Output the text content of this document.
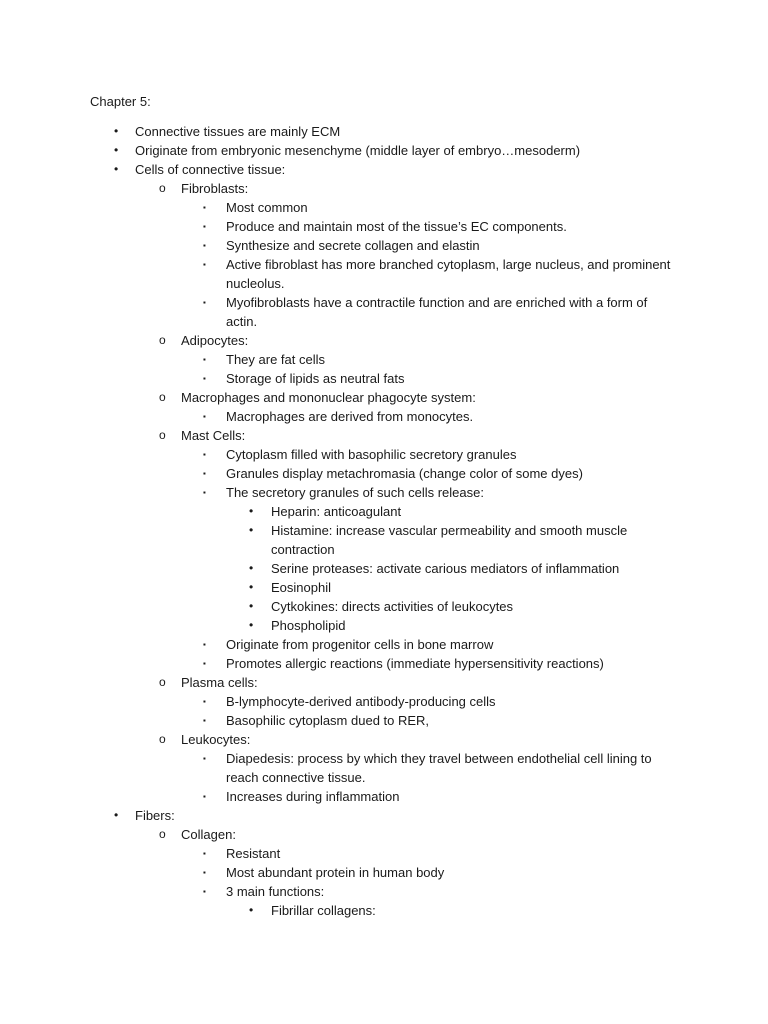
Chapter 5:
•	Connective tissues are mainly ECM
•	Originate from embryonic mesenchyme (middle layer of embryo…mesoderm)
•	Cells of connective tissue:
o	Fibroblasts:
▪	Most common
▪	Produce and maintain most of the tissue’s EC components.
▪	Synthesize and secrete collagen and elastin
▪	Active fibroblast has more branched cytoplasm, large nucleus, and prominent nucleolus.
▪	Myofibroblasts have a contractile function and are enriched with a form of actin.
o	Adipocytes:
▪	They are fat cells
▪	Storage of lipids as neutral fats
o	Macrophages and mononuclear phagocyte system:
▪	Macrophages are derived from monocytes.
o	Mast Cells:
▪	Cytoplasm filled with basophilic secretory granules
▪	Granules display metachromasia (change color of some dyes)
▪	The secretory granules of such cells release:
•	Heparin: anticoagulant
•	Histamine: increase vascular permeability and smooth muscle contraction
•	Serine proteases: activate carious mediators of inflammation
•	Eosinophil
•	Cytkokines: directs activities of leukocytes
•	Phospholipid
▪	Originate from progenitor cells in bone marrow
▪	Promotes allergic reactions (immediate hypersensitivity reactions)
o	Plasma cells:
▪	B-lymphocyte-derived antibody-producing cells
▪	Basophilic cytoplasm dued to RER,
o	Leukocytes:
▪	Diapedesis: process by which they travel between endothelial cell lining to reach connective tissue.
▪	Increases during inflammation
•	Fibers:
o	Collagen:
▪	Resistant
▪	Most abundant protein in human body
▪	3 main functions:
•	Fibrillar collagens:
